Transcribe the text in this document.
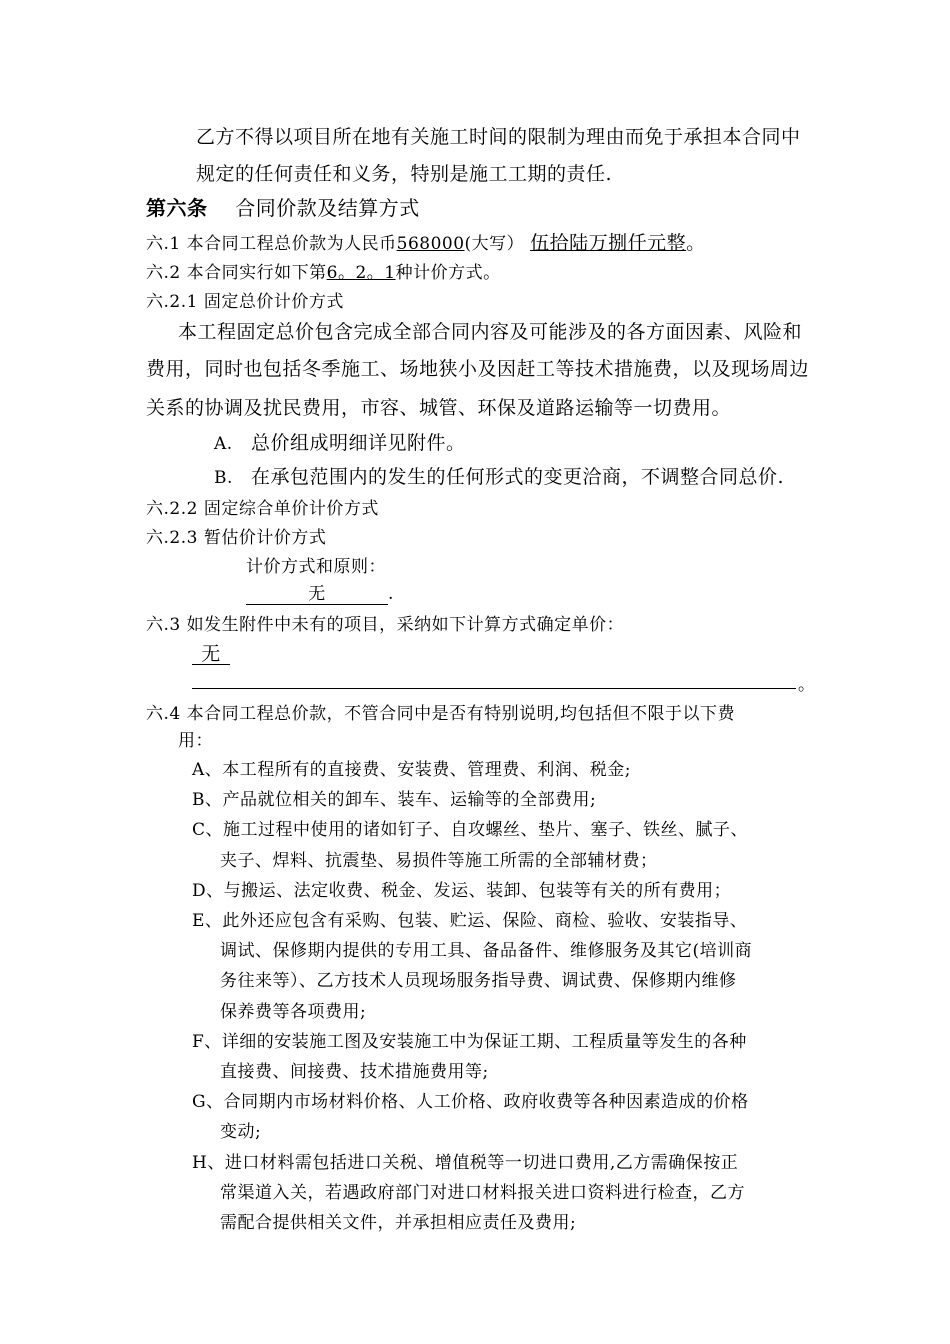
乙方不得以项目所在地有关施工时间的限制为理由而免于承担本合同中
规定的任何责任和义务，特别是施工工期的责任.
第六条 合同价款及结算方式
六.1 本合同工程总价款为人民币568000(大写） 伍拾陆万捌仟元整。
六.2 本合同实行如下第6。2。1种计价方式。
六.2.1 固定总价计价方式
本工程固定总价包含完成全部合同内容及可能涉及的各方面因素、风险和
费用，同时也包括冬季施工、场地狭小及因赶工等技术措施费，以及现场周边
关系的协调及扰民费用，市容、城管、环保及道路运输等一切费用。
A. 总价组成明细详见附件。
B. 在承包范围内的发生的任何形式的变更洽商，不调整合同总价.
六.2.2 固定综合单价计价方式
六.2.3 暂估价计价方式
计价方式和原则：
无	.
六.3 如发生附件中未有的项目，采纳如下计算方式确定单价：
无
。
六.4 本合同工程总价款，不管合同中是否有特别说明,均包括但不限于以下费
用：
A、本工程所有的直接费、安装费、管理费、利润、税金;
B、产品就位相关的卸车、装车、运输等的全部费用;
C、施工过程中使用的诸如钉子、自攻螺丝、垫片、塞子、铁丝、腻子、
夹子、焊料、抗震垫、易损件等施工所需的全部辅材费；
D、与搬运、法定收费、税金、发运、装卸、包装等有关的所有费用；
E、此外还应包含有采购、包装、贮运、保险、商检、验收、安装指导、
调试、保修期内提供的专用工具、备品备件、维修服务及其它(培训商
务往来等）、乙方技术人员现场服务指导费、调试费、保修期内维修
保养费等各项费用;
F、详细的安装施工图及安装施工中为保证工期、工程质量等发生的各种
直接费、间接费、技术措施费用等;
G、合同期内市场材料价格、人工价格、政府收费等各种因素造成的价格
变动;
H、进口材料需包括进口关税、增值税等一切进口费用,乙方需确保按正
常渠道入关，若遇政府部门对进口材料报关进口资料进行检查，乙方
需配合提供相关文件，并承担相应责任及费用;
